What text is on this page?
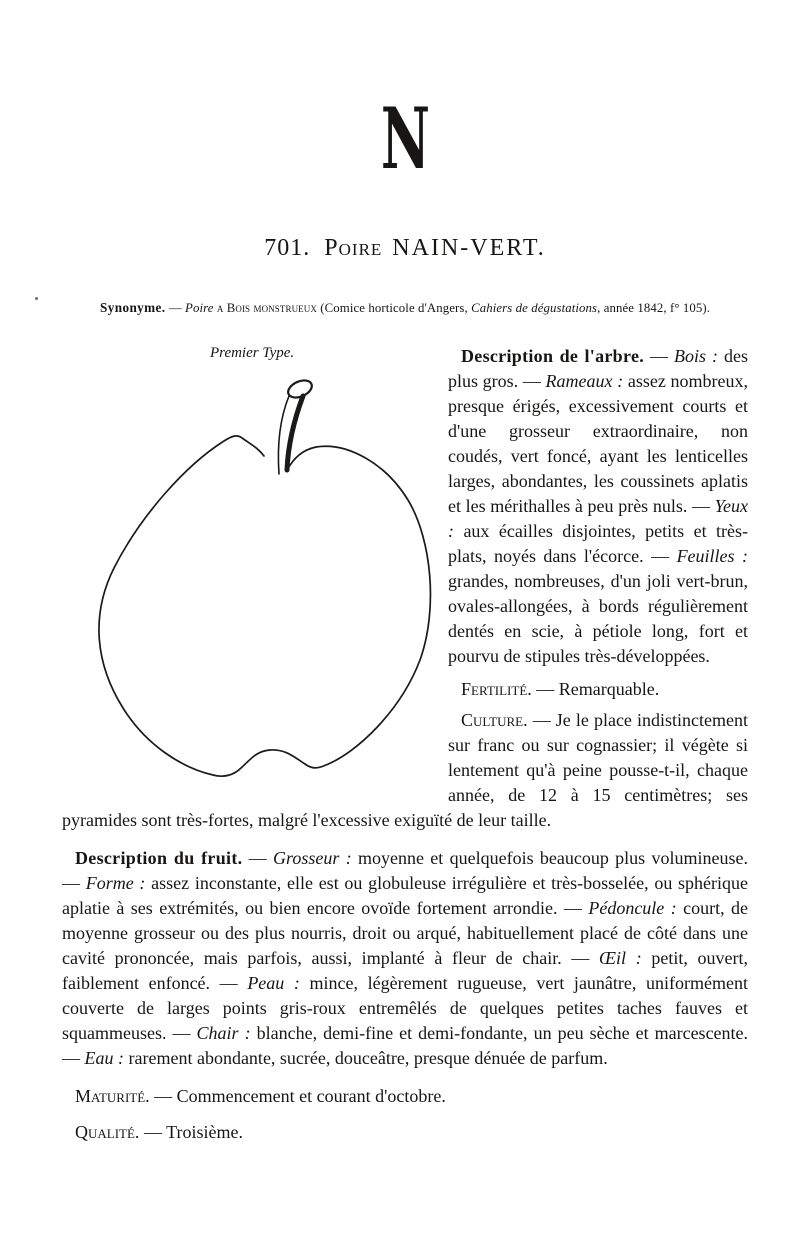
N
701. Poire NAIN-VERT.

Synonyme. — Poire a Bois monstrueux (Comice horticole d'Angers, Cahiers de dégustations, année 1842, f° 105).

Premier Type.	Description de l'arbre. — Bois : des plus gros. — Rameaux : assez nombreux, presque érigés, excessivement courts et d'une grosseur extraordinaire, non coudés, vert foncé, ayant les lenticelles larges, abondantes, les coussinets aplatis et les mérithalles à peu près nuls. — Yeux : aux écailles disjointes, petits et très-plats, noyés dans l'écorce. — Feuilles : grandes, nombreuses, d'un joli vert-brun, ovales-allongées, à bords régulièrement dentés en scie, à pétiole long, fort et pourvu de stipules très-développées.

Fertilité. — Remarquable.

Culture. — Je le place indistinctement sur franc ou sur cognassier; il végète si lentement qu'à peine pousse-t-il, chaque année, de 12 à 15 centimètres; ses pyramides sont très-fortes, malgré l'excessive exiguïté de leur taille.

Description du fruit. — Grosseur : moyenne et quelquefois beaucoup plus volumineuse. — Forme : assez inconstante, elle est ou globuleuse irrégulière et très-bosselée, ou sphérique aplatie à ses extrémités, ou bien encore ovoïde fortement arrondie. — Pédoncule : court, de moyenne grosseur ou des plus nourris, droit ou arqué, habituellement placé de côté dans une cavité prononcée, mais parfois, aussi, implanté à fleur de chair. — Œil : petit, ouvert, faiblement enfoncé. — Peau : mince, légèrement rugueuse, vert jaunâtre, uniformément couverte de larges points gris-roux entremêlés de quelques petites taches fauves et squammeuses. — Chair : blanche, demi-fine et demi-fondante, un peu sèche et marcescente. — Eau : rarement abondante, sucrée, douceâtre, presque dénuée de parfum.

Maturité. — Commencement et courant d'octobre.

Qualité. — Troisième.
